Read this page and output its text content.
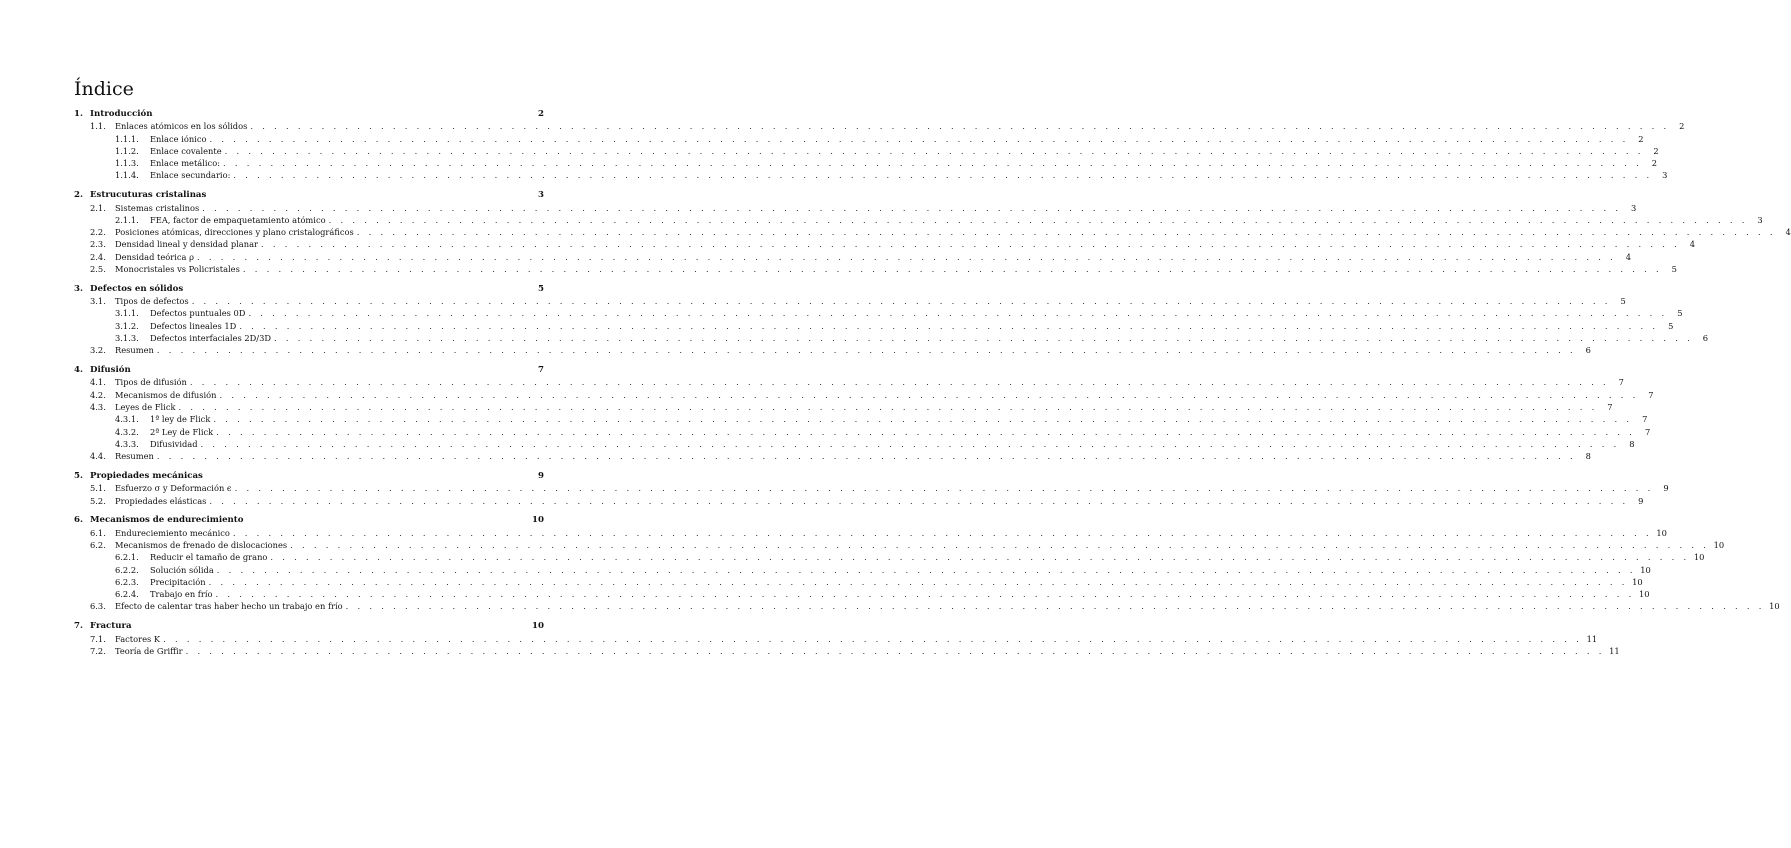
Índice
1. Introducción	2
1.1.	Enlaces atómicos en los sólidos . . . . . . . . . . . . . . . . . . . . . . . . . . . . . . . . . . . . . . . . . . . . . . . . . . . . . . . . . . . . . . . . . . . . . . . . . . . . . . . . . . . . . . . . . . . . . . . . . . . . . . . . . . . . . . . . . . . . . . . .	2
1.1.1.	Enlace iónico . . . . . . . . . . . . . . . . . . . . . . . . . . . . . . . . . . . . . . . . . . . . . . . . . . . . . . . . . . . . . . . . . . . . . . . . . . . . . . . . . . . . . . . . . . . . . . . . . . . . . . . . . . . . . . . . . . . . . . . .	2
1.1.2.	Enlace covalente . . . . . . . . . . . . . . . . . . . . . . . . . . . . . . . . . . . . . . . . . . . . . . . . . . . . . . . . . . . . . . . . . . . . . . . . . . . . . . . . . . . . . . . . . . . . . . . . . . . . . . . . . . . . . . . . . . . . . . . .	2
1.1.3.	Enlace metálico: . . . . . . . . . . . . . . . . . . . . . . . . . . . . . . . . . . . . . . . . . . . . . . . . . . . . . . . . . . . . . . . . . . . . . . . . . . . . . . . . . . . . . . . . . . . . . . . . . . . . . . . . . . . . . . . . . . . . . . . .	2
1.1.4.	Enlace secundario: . . . . . . . . . . . . . . . . . . . . . . . . . . . . . . . . . . . . . . . . . . . . . . . . . . . . . . . . . . . . . . . . . . . . . . . . . . . . . . . . . . . . . . . . . . . . . . . . . . . . . . . . . . . . . . . . . . . . . . . .	3
2. Estrucuturas cristalinas	3
2.1.	Sistemas cristalinos . . . . . . . . . . . . . . . . . . . . . . . . . . . . . . . . . . . . . . . . . . . . . . . . . . . . . . . . . . . . . . . . . . . . . . . . . . . . . . . . . . . . . . . . . . . . . . . . . . . . . . . . . . . . . . . . . . . . . . . .	3
2.1.1.	FEA, factor de empaquetamiento atómico . . . . . . . . . . . . . . . . . . . . . . . . . . . . . . . . . . . . . . . . . . . . . . . . . . . . . . . . . . . . . . . . . . . . . . . . . . . . . . . . . . . . . . . . . . . . . . . . . . . . . . . . . . . . . . . . . . . . . . . .	3
2.2.	Posiciones atómicas, direcciones y plano cristalográficos . . . . . . . . . . . . . . . . . . . . . . . . . . . . . . . . . . . . . . . . . . . . . . . . . . . . . . . . . . . . . . . . . . . . . . . . . . . . . . . . . . . . . . . . . . . . . . . . . . . . . . . . . . . . . . . . . . . . . . . .	4
2.3.	Densidad lineal y densidad planar . . . . . . . . . . . . . . . . . . . . . . . . . . . . . . . . . . . . . . . . . . . . . . . . . . . . . . . . . . . . . . . . . . . . . . . . . . . . . . . . . . . . . . . . . . . . . . . . . . . . . . . . . . . . . . . . . . . . . . . .	4
2.4.	Densidad teórica ρ . . . . . . . . . . . . . . . . . . . . . . . . . . . . . . . . . . . . . . . . . . . . . . . . . . . . . . . . . . . . . . . . . . . . . . . . . . . . . . . . . . . . . . . . . . . . . . . . . . . . . . . . . . . . . . . . . . . . . . . .	4
2.5.	Monocristales vs Policristales . . . . . . . . . . . . . . . . . . . . . . . . . . . . . . . . . . . . . . . . . . . . . . . . . . . . . . . . . . . . . . . . . . . . . . . . . . . . . . . . . . . . . . . . . . . . . . . . . . . . . . . . . . . . . . . . . . . . . . . .	5
3. Defectos en sólidos	5
3.1.	Tipos de defectos . . . . . . . . . . . . . . . . . . . . . . . . . . . . . . . . . . . . . . . . . . . . . . . . . . . . . . . . . . . . . . . . . . . . . . . . . . . . . . . . . . . . . . . . . . . . . . . . . . . . . . . . . . . . . . . . . . . . . . . .	5
3.1.1.	Defectos puntuales 0D . . . . . . . . . . . . . . . . . . . . . . . . . . . . . . . . . . . . . . . . . . . . . . . . . . . . . . . . . . . . . . . . . . . . . . . . . . . . . . . . . . . . . . . . . . . . . . . . . . . . . . . . . . . . . . . . . . . . . . . .	5
3.1.2.	Defectos lineales 1D . . . . . . . . . . . . . . . . . . . . . . . . . . . . . . . . . . . . . . . . . . . . . . . . . . . . . . . . . . . . . . . . . . . . . . . . . . . . . . . . . . . . . . . . . . . . . . . . . . . . . . . . . . . . . . . . . . . . . . . .	5
3.1.3.	Defectos interfaciales 2D/3D . . . . . . . . . . . . . . . . . . . . . . . . . . . . . . . . . . . . . . . . . . . . . . . . . . . . . . . . . . . . . . . . . . . . . . . . . . . . . . . . . . . . . . . . . . . . . . . . . . . . . . . . . . . . . . . . . . . . . . . .	6
3.2.	Resumen . . . . . . . . . . . . . . . . . . . . . . . . . . . . . . . . . . . . . . . . . . . . . . . . . . . . . . . . . . . . . . . . . . . . . . . . . . . . . . . . . . . . . . . . . . . . . . . . . . . . . . . . . . . . . . . . . . . . . . . .	6
4. Difusión	7
4.1.	Tipos de difusión . . . . . . . . . . . . . . . . . . . . . . . . . . . . . . . . . . . . . . . . . . . . . . . . . . . . . . . . . . . . . . . . . . . . . . . . . . . . . . . . . . . . . . . . . . . . . . . . . . . . . . . . . . . . . . . . . . . . . . . .	7
4.2.	Mecanismos de difusión . . . . . . . . . . . . . . . . . . . . . . . . . . . . . . . . . . . . . . . . . . . . . . . . . . . . . . . . . . . . . . . . . . . . . . . . . . . . . . . . . . . . . . . . . . . . . . . . . . . . . . . . . . . . . . . . . . . . . . . .	7
4.3.	Leyes de Flick . . . . . . . . . . . . . . . . . . . . . . . . . . . . . . . . . . . . . . . . . . . . . . . . . . . . . . . . . . . . . . . . . . . . . . . . . . . . . . . . . . . . . . . . . . . . . . . . . . . . . . . . . . . . . . . . . . . . . . . .	7
4.3.1.	1ª ley de Flick . . . . . . . . . . . . . . . . . . . . . . . . . . . . . . . . . . . . . . . . . . . . . . . . . . . . . . . . . . . . . . . . . . . . . . . . . . . . . . . . . . . . . . . . . . . . . . . . . . . . . . . . . . . . . . . . . . . . . . . .	7
4.3.2.	2ª Ley de Flick . . . . . . . . . . . . . . . . . . . . . . . . . . . . . . . . . . . . . . . . . . . . . . . . . . . . . . . . . . . . . . . . . . . . . . . . . . . . . . . . . . . . . . . . . . . . . . . . . . . . . . . . . . . . . . . . . . . . . . . .	7
4.3.3.	Difusividad . . . . . . . . . . . . . . . . . . . . . . . . . . . . . . . . . . . . . . . . . . . . . . . . . . . . . . . . . . . . . . . . . . . . . . . . . . . . . . . . . . . . . . . . . . . . . . . . . . . . . . . . . . . . . . . . . . . . . . . .	8
4.4.	Resumen . . . . . . . . . . . . . . . . . . . . . . . . . . . . . . . . . . . . . . . . . . . . . . . . . . . . . . . . . . . . . . . . . . . . . . . . . . . . . . . . . . . . . . . . . . . . . . . . . . . . . . . . . . . . . . . . . . . . . . . .	8
5. Propiedades mecánicas	9
5.1.	Esfuerzo σ y Deformación ϵ . . . . . . . . . . . . . . . . . . . . . . . . . . . . . . . . . . . . . . . . . . . . . . . . . . . . . . . . . . . . . . . . . . . . . . . . . . . . . . . . . . . . . . . . . . . . . . . . . . . . . . . . . . . . . . . . . . . . . . . .	9
5.2.	Propiedades elásticas . . . . . . . . . . . . . . . . . . . . . . . . . . . . . . . . . . . . . . . . . . . . . . . . . . . . . . . . . . . . . . . . . . . . . . . . . . . . . . . . . . . . . . . . . . . . . . . . . . . . . . . . . . . . . . . . . . . . . . . .	9
6. Mecanismos de endurecimiento	10
6.1.	Endureciemiento mecánico . . . . . . . . . . . . . . . . . . . . . . . . . . . . . . . . . . . . . . . . . . . . . . . . . . . . . . . . . . . . . . . . . . . . . . . . . . . . . . . . . . . . . . . . . . . . . . . . . . . . . . . . . . . . . . . . . . . . . . . . 10
6.2.	Mecanismos de frenado de dislocaciones . . . . . . . . . . . . . . . . . . . . . . . . . . . . . . . . . . . . . . . . . . . . . . . . . . . . . . . . . . . . . . . . . . . . . . . . . . . . . . . . . . . . . . . . . . . . . . . . . . . . . . . . . . . . . . . . . . . . . . . . 10
6.2.1.	Reducir el tamaño de grano . . . . . . . . . . . . . . . . . . . . . . . . . . . . . . . . . . . . . . . . . . . . . . . . . . . . . . . . . . . . . . . . . . . . . . . . . . . . . . . . . . . . . . . . . . . . . . . . . . . . . . . . . . . . . . . . . . . . . . . . 10
6.2.2.	Solución sólida . . . . . . . . . . . . . . . . . . . . . . . . . . . . . . . . . . . . . . . . . . . . . . . . . . . . . . . . . . . . . . . . . . . . . . . . . . . . . . . . . . . . . . . . . . . . . . . . . . . . . . . . . . . . . . . . . . . . . . . . 10
6.2.3.	Precipitación . . . . . . . . . . . . . . . . . . . . . . . . . . . . . . . . . . . . . . . . . . . . . . . . . . . . . . . . . . . . . . . . . . . . . . . . . . . . . . . . . . . . . . . . . . . . . . . . . . . . . . . . . . . . . . . . . . . . . . . . 10
6.2.4.	Trabajo en frío . . . . . . . . . . . . . . . . . . . . . . . . . . . . . . . . . . . . . . . . . . . . . . . . . . . . . . . . . . . . . . . . . . . . . . . . . . . . . . . . . . . . . . . . . . . . . . . . . . . . . . . . . . . . . . . . . . . . . . . . 10
6.3.	Efecto de calentar tras haber hecho un trabajo en frío . . . . . . . . . . . . . . . . . . . . . . . . . . . . . . . . . . . . . . . . . . . . . . . . . . . . . . . . . . . . . . . . . . . . . . . . . . . . . . . . . . . . . . . . . . . . . . . . . . . . . . . . . . . . . . . . . . . . . . . . 10
7. Fractura	10
7.1.	Factores K . . . . . . . . . . . . . . . . . . . . . . . . . . . . . . . . . . . . . . . . . . . . . . . . . . . . . . . . . . . . . . . . . . . . . . . . . . . . . . . . . . . . . . . . . . . . . . . . . . . . . . . . . . . . . . . . . . . . . . . . 11
7.2.	Teoría de Griffir . . . . . . . . . . . . . . . . . . . . . . . . . . . . . . . . . . . . . . . . . . . . . . . . . . . . . . . . . . . . . . . . . . . . . . . . . . . . . . . . . . . . . . . . . . . . . . . . . . . . . . . . . . . . . . . . . . . . . . . . 11
